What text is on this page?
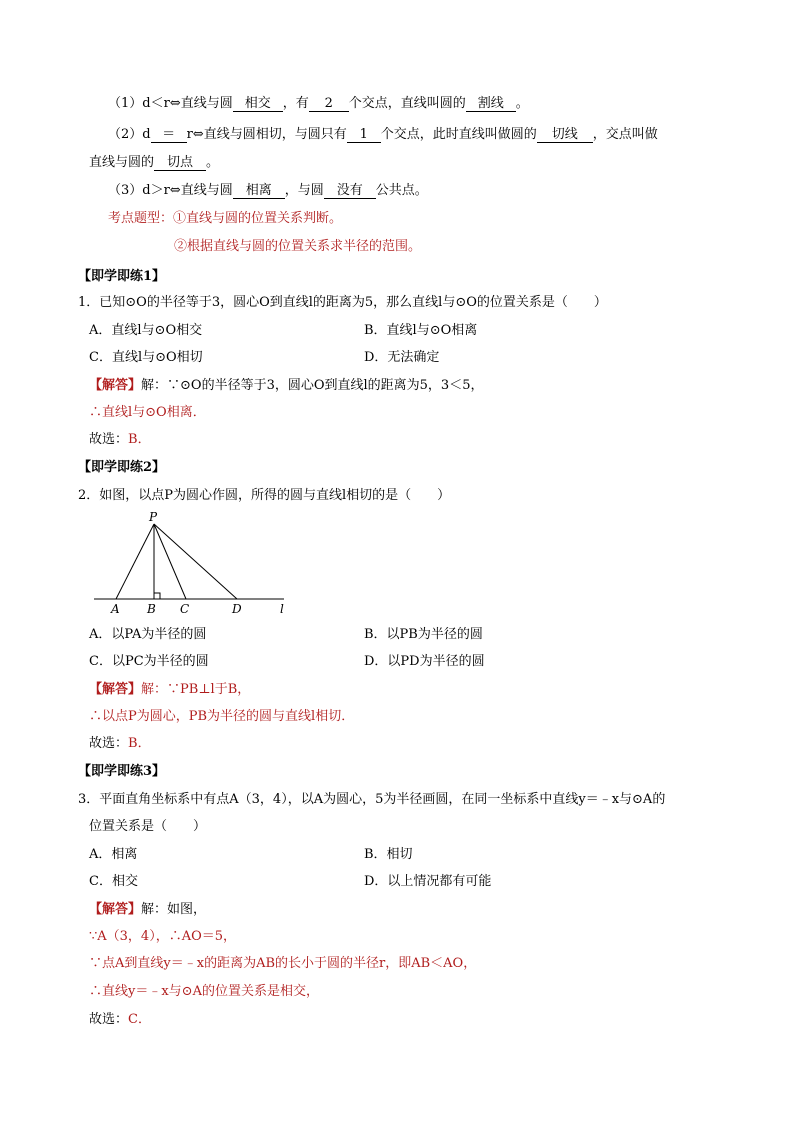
（1）d＜r⇔直线与圆 相交 ，有 2 个交点，直线叫圆的 割线 。
（2）d ＝ r⇔直线与圆相切，与圆只有 1 个交点，此时直线叫做圆的 切线 ，交点叫做
直线与圆的 切点 。
（3）d＞r⇔直线与圆 相离 ，与圆 没有 公共点。
考点题型：①直线与圆的位置关系判断。
②根据直线与圆的位置关系求半径的范围。
【即学即练1】
1．已知⊙O的半径等于3，圆心O到直线l的距离为5，那么直线l与⊙O的位置关系是（　　）
A．直线l与⊙O相交	B．直线l与⊙O相离
C．直线l与⊙O相切	D．无法确定
【解答】解：∵⊙O的半径等于3，圆心O到直线l的距离为5，3＜5，
∴直线l与⊙O相离．
故选：B．
【即学即练2】
2．如图，以点P为圆心作圆，所得的圆与直线l相切的是（　　）
P
A B C	D	l
A．以PA为半径的圆	B．以PB为半径的圆
C．以PC为半径的圆	D．以PD为半径的圆
【解答】解：∵PB⊥l于B，
∴以点P为圆心，PB为半径的圆与直线l相切．
故选：B．
【即学即练3】
3．平面直角坐标系中有点A（3，4），以A为圆心，5为半径画圆，在同一坐标系中直线y＝﹣x与⊙A的
位置关系是（　　）
A．相离	B．相切
C．相交	D．以上情况都有可能
【解答】解：如图，
∵A（3，4），∴AO＝5，
∵点A到直线y＝﹣x的距离为AB的长小于圆的半径r，即AB＜AO，
∴直线y＝﹣x与⊙A的位置关系是相交，
故选：C．
